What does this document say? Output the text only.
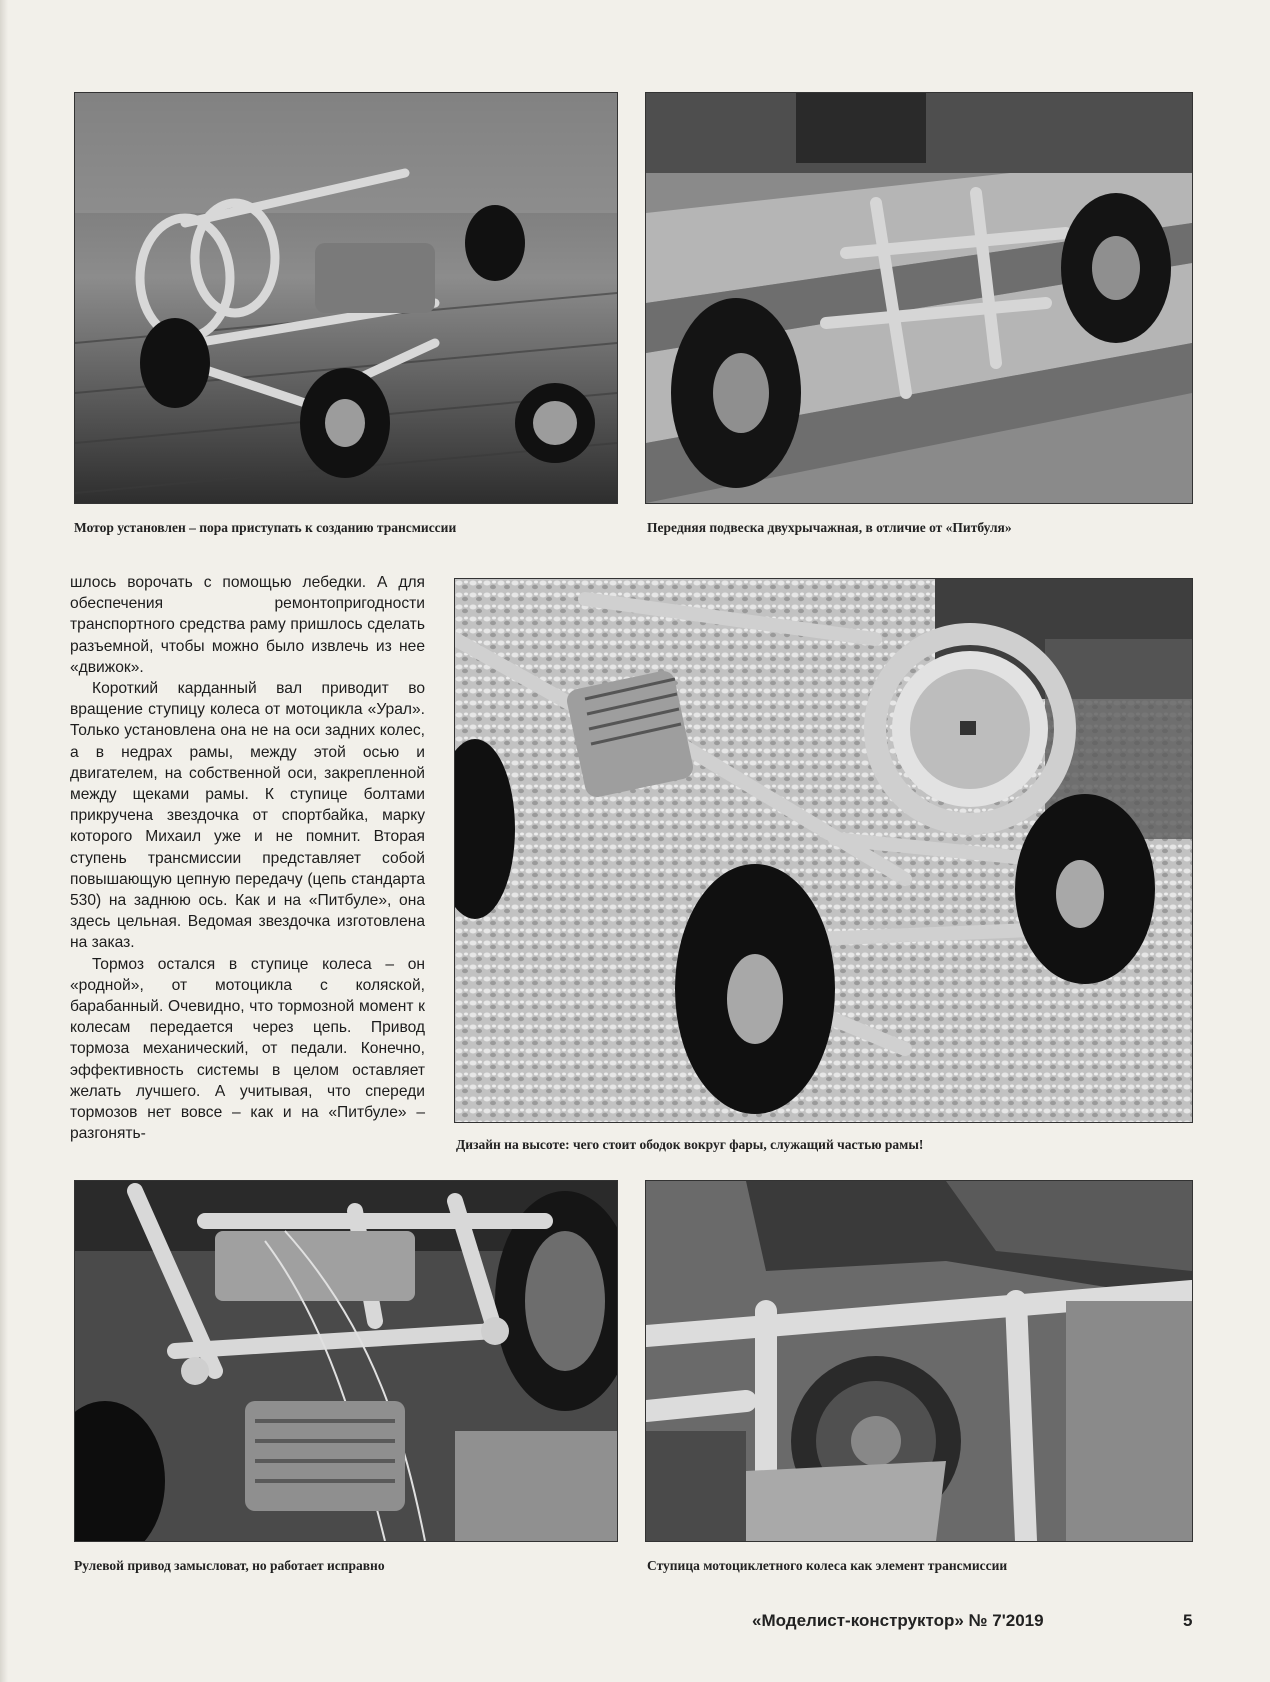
Мотор установлен – пора приступать к созданию трансмиссии	Передняя подвеска двухрычажная, в отличие от «Питбуля»

шлось ворочать с помощью лебедки. А для обеспечения ремонтопригодности транспортного средства раму пришлось сделать разъемной, чтобы можно было извлечь из нее «движок».

Короткий карданный вал приводит во вращение ступицу колеса от мотоцикла «Урал». Только установлена она не на оси задних колес, а в недрах рамы, между этой осью и двигателем, на собственной оси, закрепленной между щеками рамы. К ступице болтами прикручена звездочка от спортбайка, марку которого Михаил уже и не помнит. Вторая ступень трансмиссии представляет собой повышающую цепную передачу (цепь стандарта 530) на заднюю ось. Как и на «Питбуле», она здесь цельная. Ведомая звездочка изготовлена на заказ.

Тормоз остался в ступице колеса – он «родной», от мотоцикла с коляской, барабанный. Очевидно, что тормозной момент к колесам передается через цепь. Привод тормоза механический, от педали. Конечно, эффективность системы в целом оставляет желать лучшего. А учитывая, что спереди тормозов нет вовсе – как и на «Питбуле» – разгонять-

Дизайн на высоте: чего стоит ободок вокруг фары, служащий частью рамы!
Рулевой привод замысловат, но работает исправно	Ступица мотоциклетного колеса как элемент трансмиссии
«Моделист-конструктор» № 7'2019	5
